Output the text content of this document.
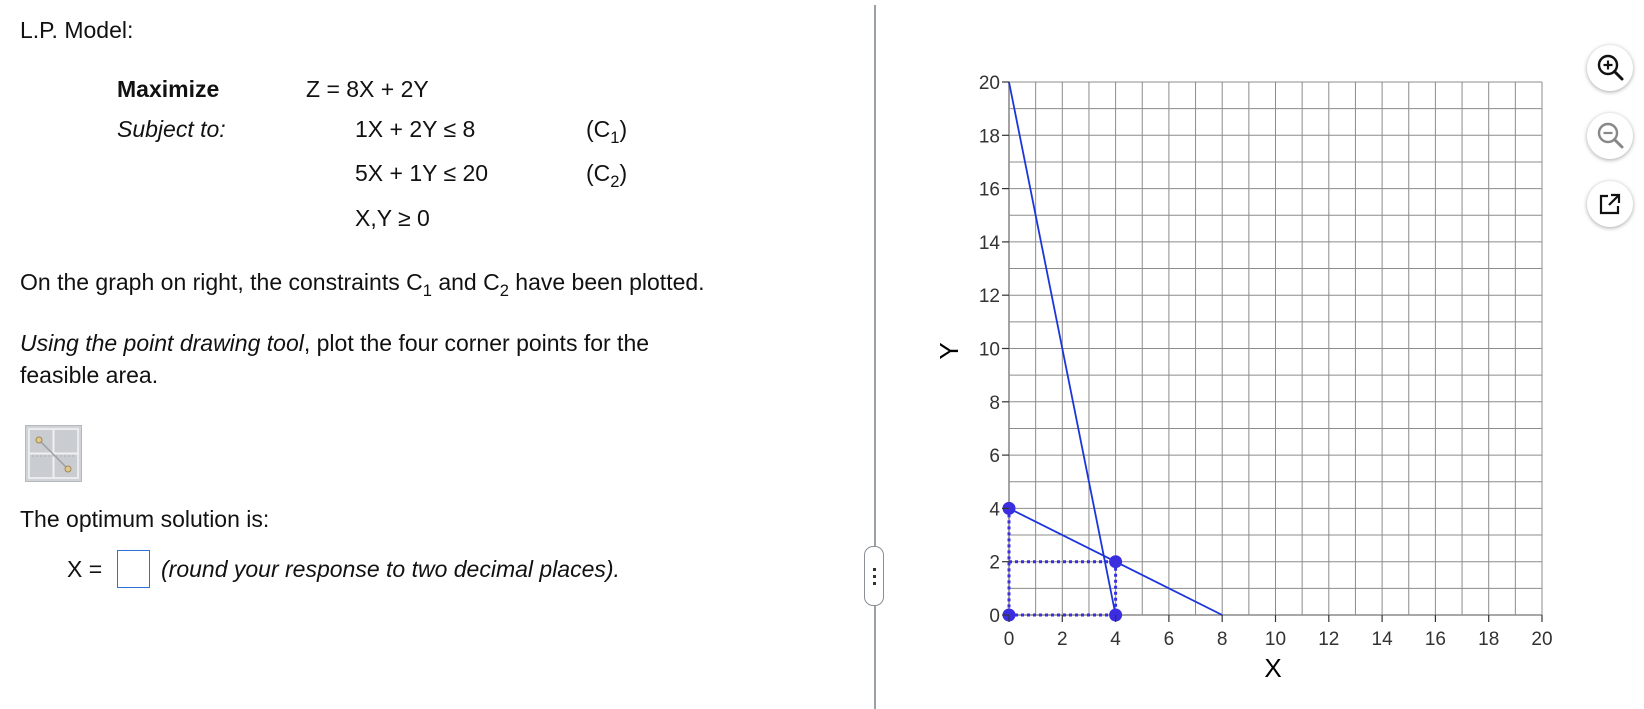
L.P. Model:
Maximize	Z = 8X + 2Y
Subject to:	1X + 2Y ≤ 8	$(C_1)$
5X + 1Y ≤ 20	$(C_2)$
X,Y ≥ 0
On the graph on right, the constraints $C_1$ and $C_2$ have been plotted.
Using the point drawing tool, plot the four corner points for the
feasible area.
The optimum solution is:
X =	(round your response to two decimal places).
0 2 4 6 8 10 12 14 16 18 20
0
2
4
6
8
10
12
14
16
18
20
X
Y
